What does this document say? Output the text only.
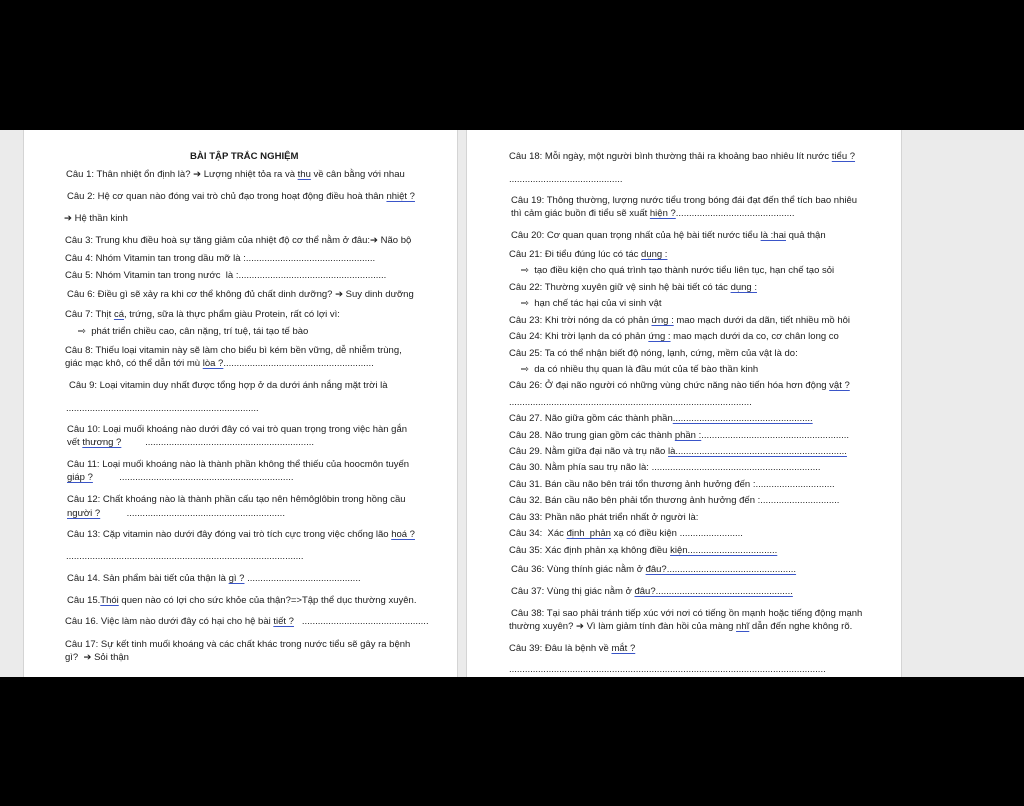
BÀI TẬP TRẮC NGHIỆM
Câu 1: Thân nhiệt ổn định là? ➔ Lượng nhiệt tỏa ra và thu về cân bằng với nhau
Câu 2: Hệ cơ quan nào đóng vai trò chủ đạo trong hoạt động điều hoà thân nhiệt ?
➔ Hệ thần kinh
Câu 3: Trung khu điều hoà sự tăng giảm của nhiệt độ cơ thể nằm ở đâu:➔ Não bộ
Câu 4: Nhóm Vitamin tan trong dầu mỡ là :.................................................
Câu 5: Nhóm Vitamin tan trong nước  là :........................................................
Câu 6: Điều gì sẽ xảy ra khi cơ thể không đủ chất dinh dưỡng? ➔ Suy dinh dưỡng
Câu 7: Thịt cá, trứng, sữa là thực phẩm giàu Protein, rất có lợi vì:
⇨  phát triển chiều cao, cân nặng, trí tuệ, tái tạo tế bào
Câu 8: Thiếu loại vitamin này sẽ làm cho biểu bì kém bền vững, dễ nhiễm trùng,
giác mạc khô, có thể dẫn tới mù lòa ?.........................................................
Câu 9: Loại vitamin duy nhất được tổng hợp ở da dưới ánh nắng mặt trời là
.........................................................................
Câu 10: Loại muối khoáng nào dưới đây có vai trò quan trọng trong việc hàn gắn
vết thương ?         ................................................................
Câu 11: Loại muối khoáng nào là thành phần không thể thiếu của hoocmôn tuyến
giáp ?          ..................................................................
Câu 12: Chất khoáng nào là thành phần cấu tạo nên hêmôglôbin trong hồng cầu
người ?          ............................................................
Câu 13: Cặp vitamin nào dưới đây đóng vai trò tích cực trong việc chống lão hoá ?
..........................................................................................
Câu 14. Sản phẩm bài tiết của thận là gì ? ...........................................
Câu 15.Thói quen nào có lợi cho sức khỏe của thận?=>Tập thể dục thường xuyên.
Câu 16. Việc làm nào dưới đây có hại cho hệ bài tiết ?   ................................................
Câu 17: Sự kết tinh muối khoáng và các chất khác trong nước tiểu sẽ gây ra bệnh
gì?  ➔ Sỏi thận
Câu 18: Mỗi ngày, một người bình thường thải ra khoảng bao nhiêu lít nước tiểu ?
...........................................
Câu 19: Thông thường, lượng nước tiểu trong bóng đái đạt đến thể tích bao nhiêu
thì cảm giác buồn đi tiểu sẽ xuất hiện ?.............................................
Câu 20: Cơ quan quan trọng nhất của hệ bài tiết nước tiểu là :hai quả thận
Câu 21: Đi tiểu đúng lúc có tác dụng :
⇨  tạo điều kiện cho quá trình tạo thành nước tiểu liên tục, hạn chế tạo sỏi
Câu 22: Thường xuyên giữ vệ sinh hệ bài tiết có tác dụng :
⇨  hạn chế tác hại của vi sinh vật
Câu 23: Khi trời nóng da có phản ứng : mao mạch dưới da dãn, tiết nhiều mồ hôi
Câu 24: Khi trời lạnh da có phản ứng : mao mạch dưới da co, cơ chân long co
Câu 25: Ta có thể nhận biết độ nóng, lạnh, cứng, mềm của vật là do:
⇨  da có nhiều thụ quan là đầu mút của tế bào thần kinh
Câu 26: Ở đại não người có những vùng chức năng nào tiến hóa hơn động vật ?
............................................................................................
Câu 27. Não giữa gồm các thành phần.....................................................
Câu 28. Não trung gian gồm các thành phần :........................................................
Câu 29. Nằm giữa đại não và trụ não là.................................................................
Câu 30. Nằm phía sau trụ não là: ................................................................
Câu 31. Bán cầu não bên trái tổn thương ảnh hưởng đến :..............................
Câu 32. Bán cầu não bên phải tổn thương ảnh hưởng đến :..............................
Câu 33: Phần não phát triển nhất ở người là:
Câu 34:  Xác định  phản xạ có điều kiện ........................
Câu 35: Xác định phản xạ không điều kiện..................................
Câu 36: Vùng thính giác nằm ở đâu?.................................................
Câu 37: Vùng thị giác nằm ở đâu?....................................................
Câu 38: Tại sao phải tránh tiếp xúc với nơi có tiếng ồn mạnh hoặc tiếng động mạnh
thường xuyên? ➔ Vì làm giảm tính đàn hồi của màng nhĩ dẫn đến nghe không rõ.
Câu 39: Đâu là bệnh về mắt ?
........................................................................................................................
